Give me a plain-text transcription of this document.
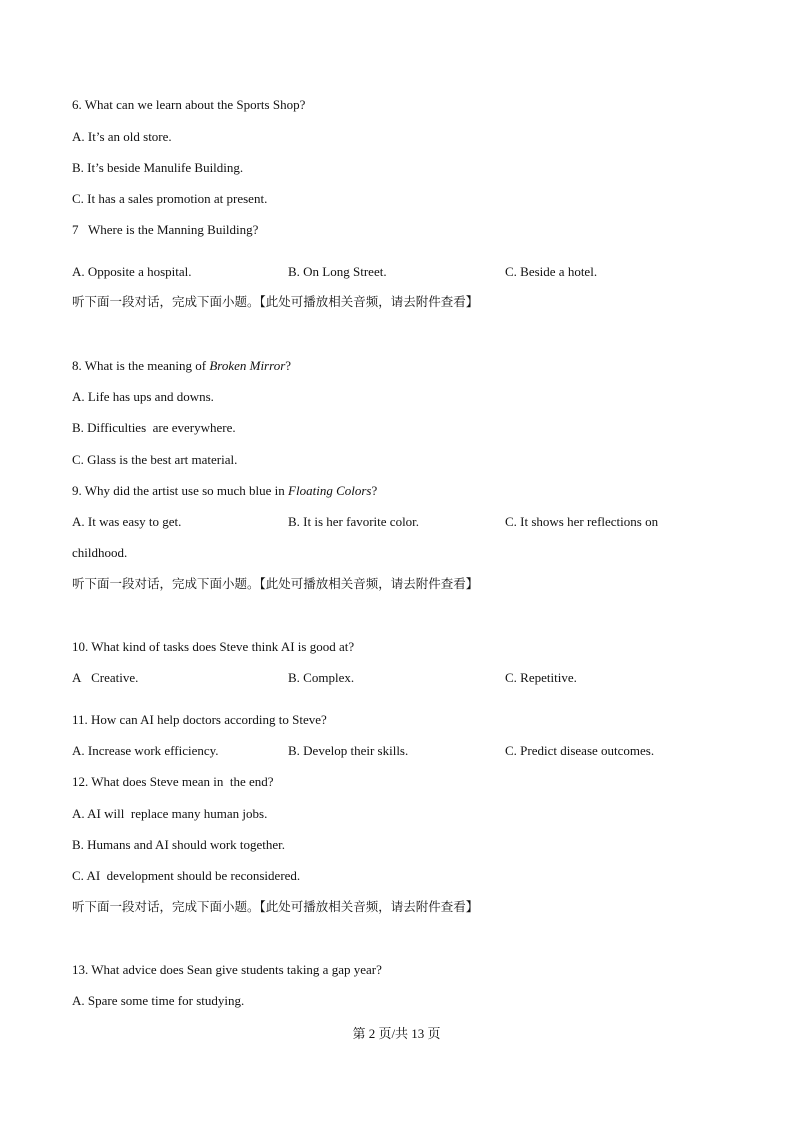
6. What can we learn about the Sports Shop?
A. It’s an old store.
B. It’s beside Manulife Building.
C. It has a sales promotion at present.
7   Where is the Manning Building?
A. Opposite a hospital.	B. On Long Street.	C. Beside a hotel.
听下面一段对话，完成下面小题。【此处可播放相关音频，请去附件查看】
8. What is the meaning of Broken Mirror?
A. Life has ups and downs.
B. Difficulties  are everywhere.
C. Glass is the best art material.
9. Why did the artist use so much blue in Floating Colors?
A. It was easy to get.	B. It is her favorite color.	C. It shows her reflections on
childhood.
听下面一段对话，完成下面小题。【此处可播放相关音频，请去附件查看】
10. What kind of tasks does Steve think AI is good at?
A   Creative.	B. Complex.	C. Repetitive.
11. How can AI help doctors according to Steve?
A. Increase work efficiency.	B. Develop their skills.	C. Predict disease outcomes.
12. What does Steve mean in  the end?
A. AI will  replace many human jobs.
B. Humans and AI should work together.
C. AI  development should be reconsidered.
听下面一段对话，完成下面小题。【此处可播放相关音频，请去附件查看】
13. What advice does Sean give students taking a gap year?
A. Spare some time for studying.
第 2 页/共 13 页
